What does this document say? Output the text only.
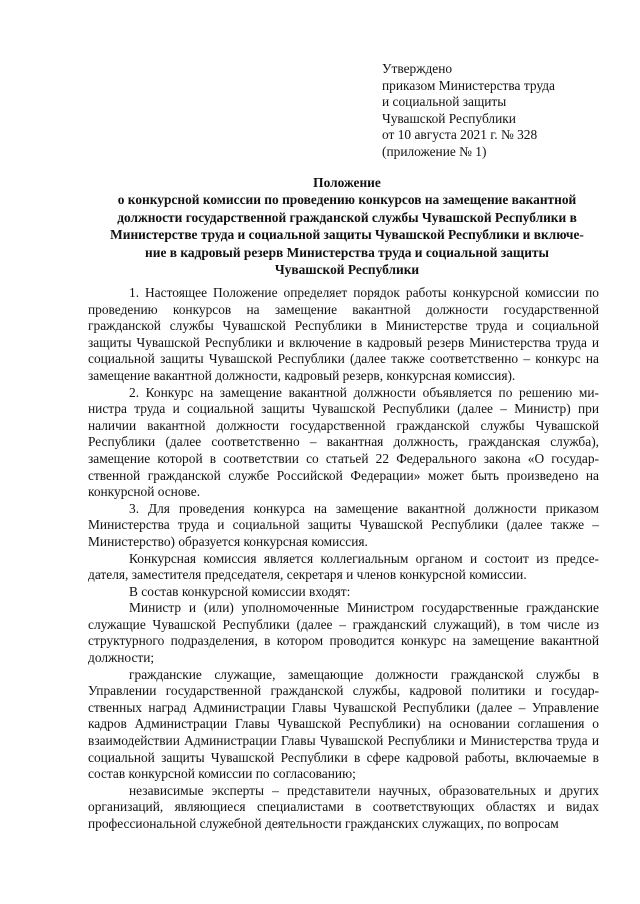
Утверждено
приказом Министерства труда
и социальной защиты
Чувашской Республики
от 10 августа 2021 г. № 328
(приложение № 1)
Положение
о конкурсной комиссии по проведению конкурсов на замещение вакантной
должности государственной гражданской службы Чувашской Республики в
Министерстве труда и социальной защиты Чувашской Республики и включе-
ние в кадровый резерв Министерства труда и социальной защиты
Чувашской Республики

1. Настоящее Положение определяет порядок работы конкурсной комиссии по проведению конкурсов на замещение вакантной должности государственной гражданской службы Чувашской Республики в Министерстве труда и социальной защиты Чувашской Республики и включение в кадровый резерв Министерства труда и социальной защиты Чувашской Республики (далее также соответственно – конкурс на замещение вакантной должности, кадровый резерв, конкурсная комиссия).

2. Конкурс на замещение вакантной должности объявляется по решению министра труда и социальной защиты Чувашской Республики (далее – Министр) при наличии вакантной должности государственной гражданской службы Чувашской Республики (далее соответственно – вакантная должность, гражданская служба), замещение которой в соответствии со статьей 22 Федерального закона «О государственной гражданской службе Российской Федерации» может быть произведено на конкурсной основе.

3. Для проведения конкурса на замещение вакантной должности приказом Министерства труда и социальной защиты Чувашской Республики (далее также – Министерство) образуется конкурсная комиссия.

Конкурсная комиссия является коллегиальным органом и состоит из председателя, заместителя председателя, секретаря и членов конкурсной комиссии.

В состав конкурсной комиссии входят:

Министр и (или) уполномоченные Министром государственные гражданские служащие Чувашской Республики (далее – гражданский служащий), в том числе из структурного подразделения, в котором проводится конкурс на замещение вакантной должности;

гражданские служащие, замещающие должности гражданской службы в Управлении государственной гражданской службы, кадровой политики и государственных наград Администрации Главы Чувашской Республики (далее – Управление кадров Администрации Главы Чувашской Республики) на основании соглашения о взаимодействии Администрации Главы Чувашской Республики и Министерства труда и социальной защиты Чувашской Республики в сфере кадровой работы, включаемые в состав конкурсной комиссии по согласованию;

независимые эксперты – представители научных, образовательных и других организаций, являющиеся специалистами в соответствующих областях и видах профессиональной служебной деятельности гражданских служащих, по вопросам
